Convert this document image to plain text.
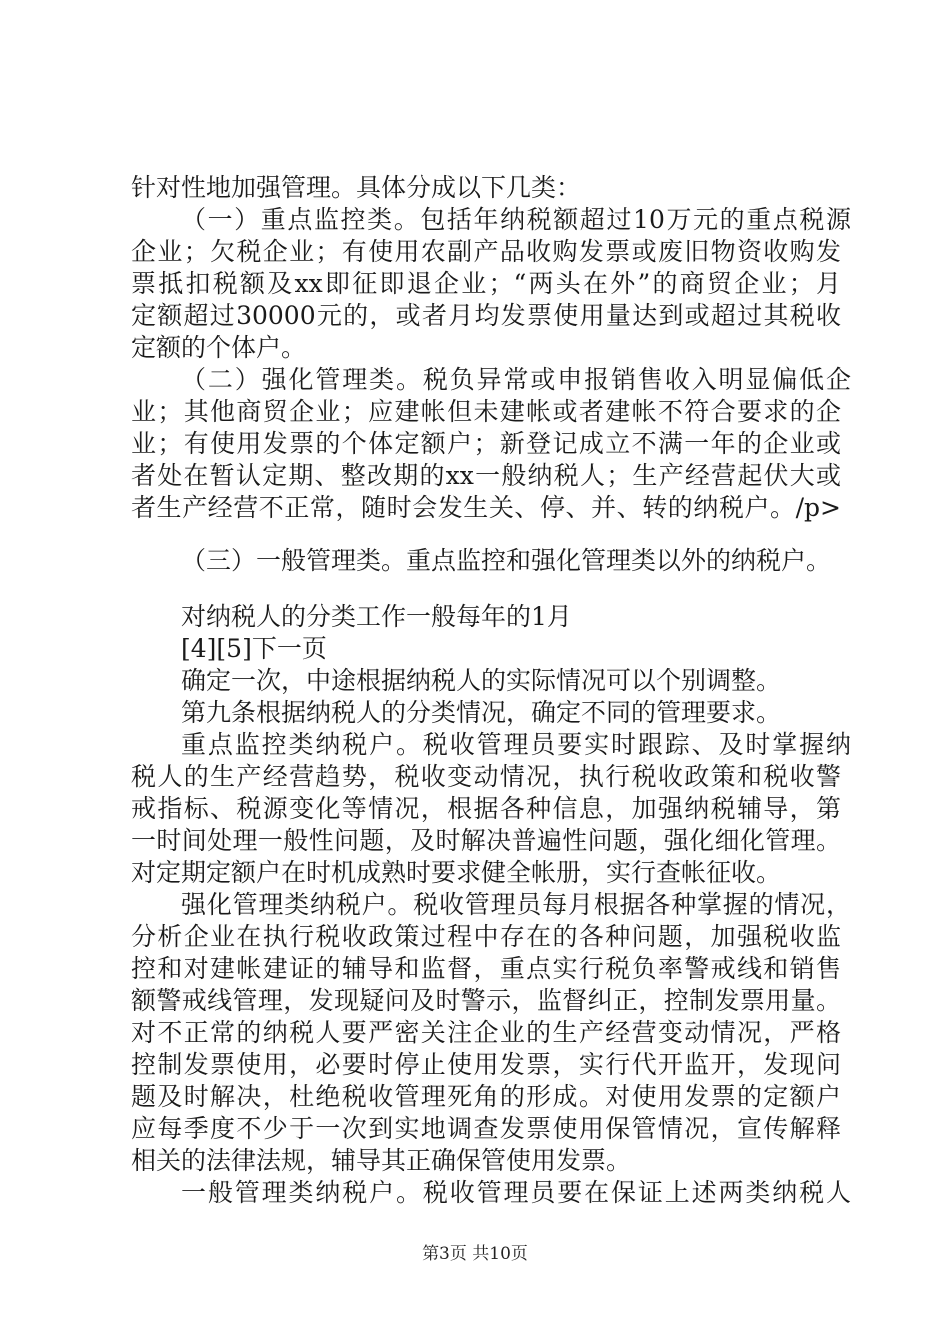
针对性地加强管理。具体分成以下几类：
（一）重点监控类。包括年纳税额超过10万元的重点税源
企业；欠税企业；有使用农副产品收购发票或废旧物资收购发
票抵扣税额及xx即征即退企业；“两头在外”的商贸企业；月
定额超过30000元的，或者月均发票使用量达到或超过其税收
定额的个体户。
（二）强化管理类。税负异常或申报销售收入明显偏低企
业；其他商贸企业；应建帐但未建帐或者建帐不符合要求的企
业；有使用发票的个体定额户；新登记成立不满一年的企业或
者处在暂认定期、整改期的xx一般纳税人；生产经营起伏大或
者生产经营不正常，随时会发生关、停、并、转的纳税户。/p>
（三）一般管理类。重点监控和强化管理类以外的纳税户。
对纳税人的分类工作一般每年的1月
[4][5]下一页
确定一次，中途根据纳税人的实际情况可以个别调整。
第九条根据纳税人的分类情况，确定不同的管理要求。
重点监控类纳税户。税收管理员要实时跟踪、及时掌握纳
税人的生产经营趋势，税收变动情况，执行税收政策和税收警
戒指标、税源变化等情况，根据各种信息，加强纳税辅导，第
一时间处理一般性问题，及时解决普遍性问题，强化细化管理。
对定期定额户在时机成熟时要求健全帐册，实行查帐征收。
强化管理类纳税户。税收管理员每月根据各种掌握的情况，
分析企业在执行税收政策过程中存在的各种问题，加强税收监
控和对建帐建证的辅导和监督，重点实行税负率警戒线和销售
额警戒线管理，发现疑问及时警示，监督纠正，控制发票用量。
对不正常的纳税人要严密关注企业的生产经营变动情况，严格
控制发票使用，必要时停止使用发票，实行代开监开，发现问
题及时解决，杜绝税收管理死角的形成。对使用发票的定额户
应每季度不少于一次到实地调查发票使用保管情况，宣传解释
相关的法律法规，辅导其正确保管使用发票。
一般管理类纳税户。税收管理员要在保证上述两类纳税人
第3页 共10页
